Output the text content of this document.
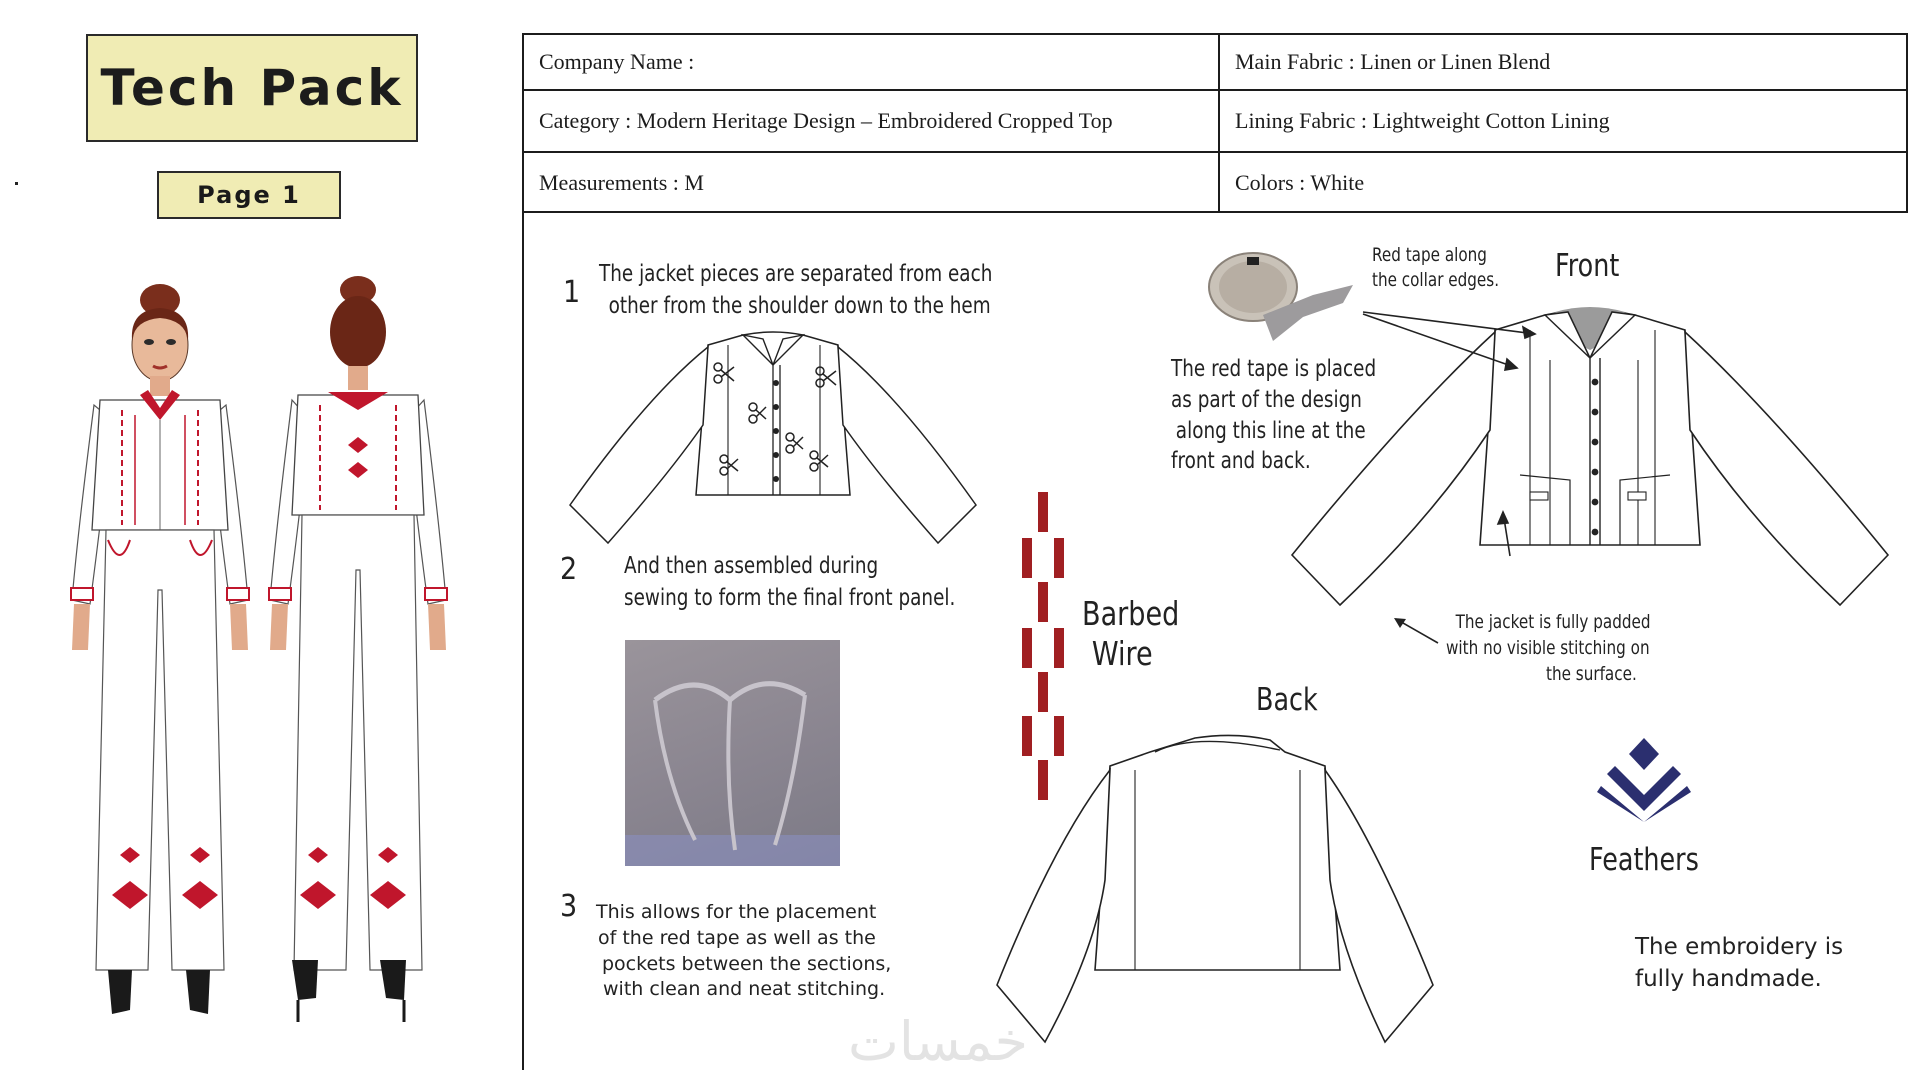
Tech Pack
Page 1
Company Name :	Main Fabric : Linen or Linen Blend
Category : Modern Heritage Design – Embroidered Cropped Top	Lining Fabric : Lightweight Cotton Lining
Measurements : M	Colors : White
1
The jacket pieces are separated from each
other from the shoulder down to the hem
2 And then assembled during
sewing to form the final front panel.
3 This allows for the placement
of the red tape as well as the
pockets between the sections,
with clean and neat stitching.
Barbed
Wire
Red tape along
the collar edges.
The red tape is placed
as part of the design
along this line at the
front and back.
Front
The jacket is fully padded
with no visible stitching on
the surface.
Back
Feathers
The embroidery is
fully handmade.
خمسات
